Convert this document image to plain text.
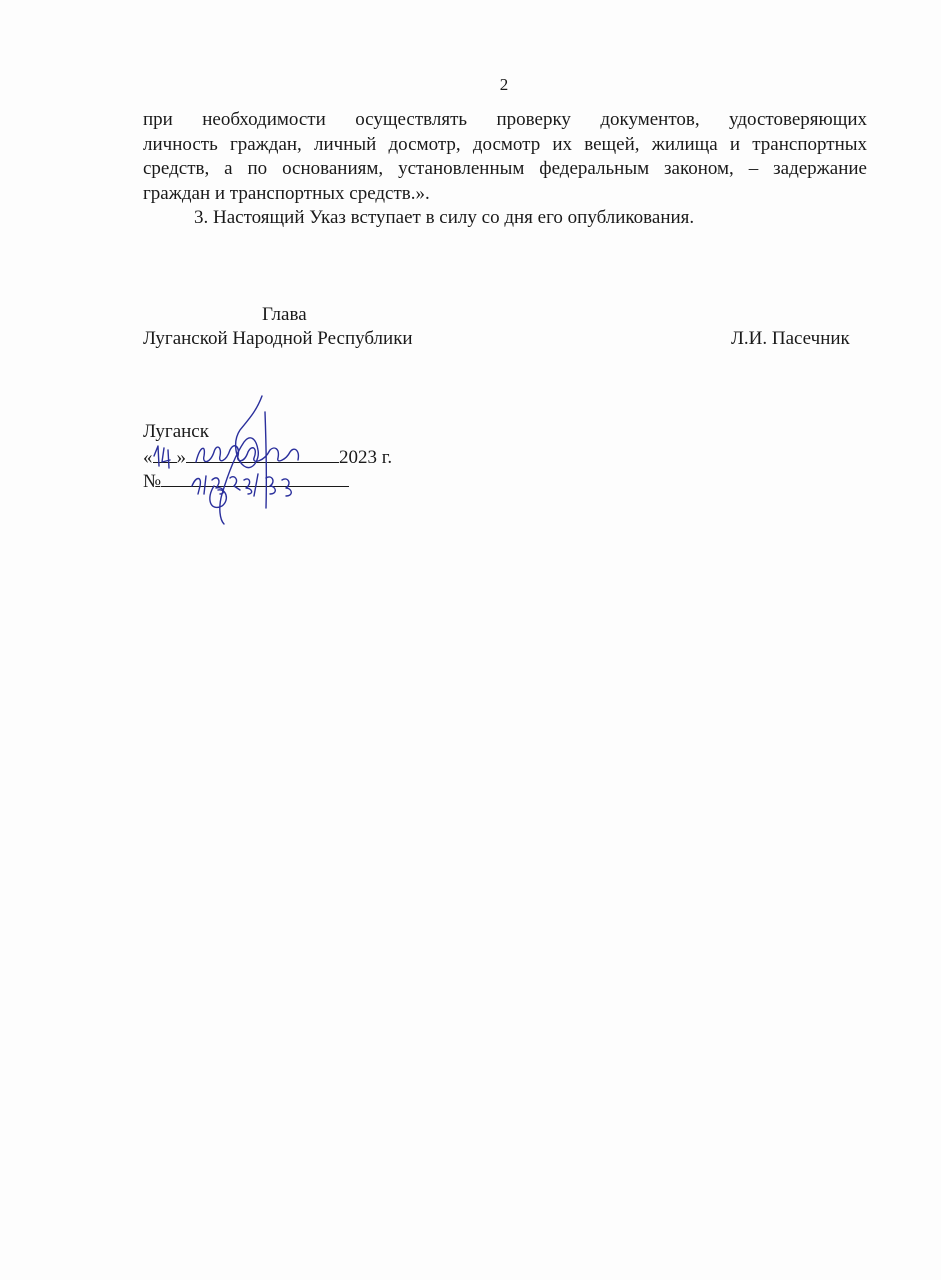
2

при необходимости осуществлять проверку документов, удостоверяющих

личность граждан, личный досмотр, досмотр их вещей, жилища и транспортных

средств, а по основаниям, установленным федеральным законом, – задержание

граждан и транспортных средств.».

3. Настоящий Указ вступает в силу со дня его опубликования.

Глава
Луганской Народной Республики	Л.И. Пасечник
Луганск
« »	2023 г.
№
